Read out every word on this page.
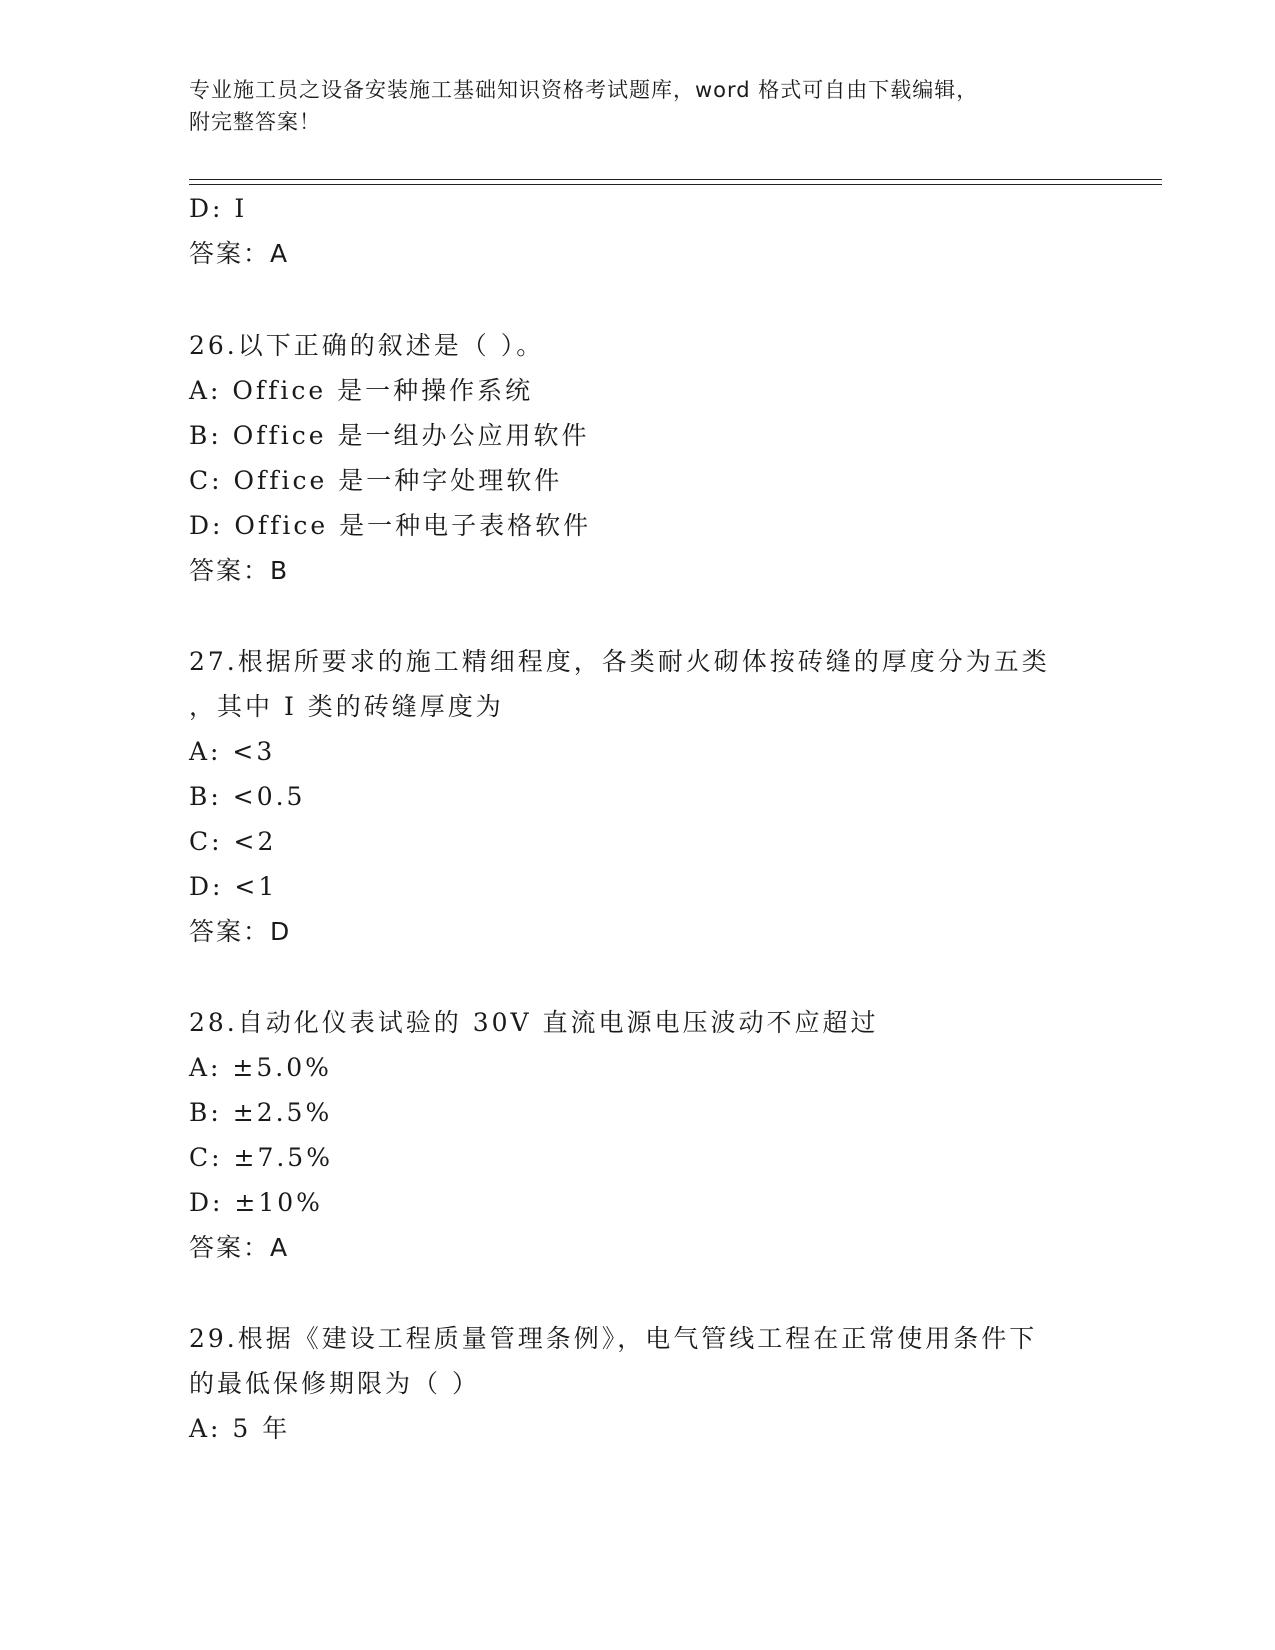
专业施工员之设备安装施工基础知识资格考试题库，word 格式可自由下载编辑，
附完整答案！
D: I
答案：A
26.以下正确的叙述是（ ）。
A: Office 是一种操作系统
B: Office 是一组办公应用软件
C: Office 是一种字处理软件
D: Office 是一种电子表格软件
答案：B
27.根据所要求的施工精细程度，各类耐火砌体按砖缝的厚度分为五类
，其中 I 类的砖缝厚度为
A: <3
B: <0.5
C: <2
D: <1
答案：D
28.自动化仪表试验的 30V 直流电源电压波动不应超过
A: ±5.0%
B: ±2.5%
C: ±7.5%
D: ±10%
答案：A
29.根据《建设工程质量管理条例》，电气管线工程在正常使用条件下
的最低保修期限为（ ）
A: 5 年
